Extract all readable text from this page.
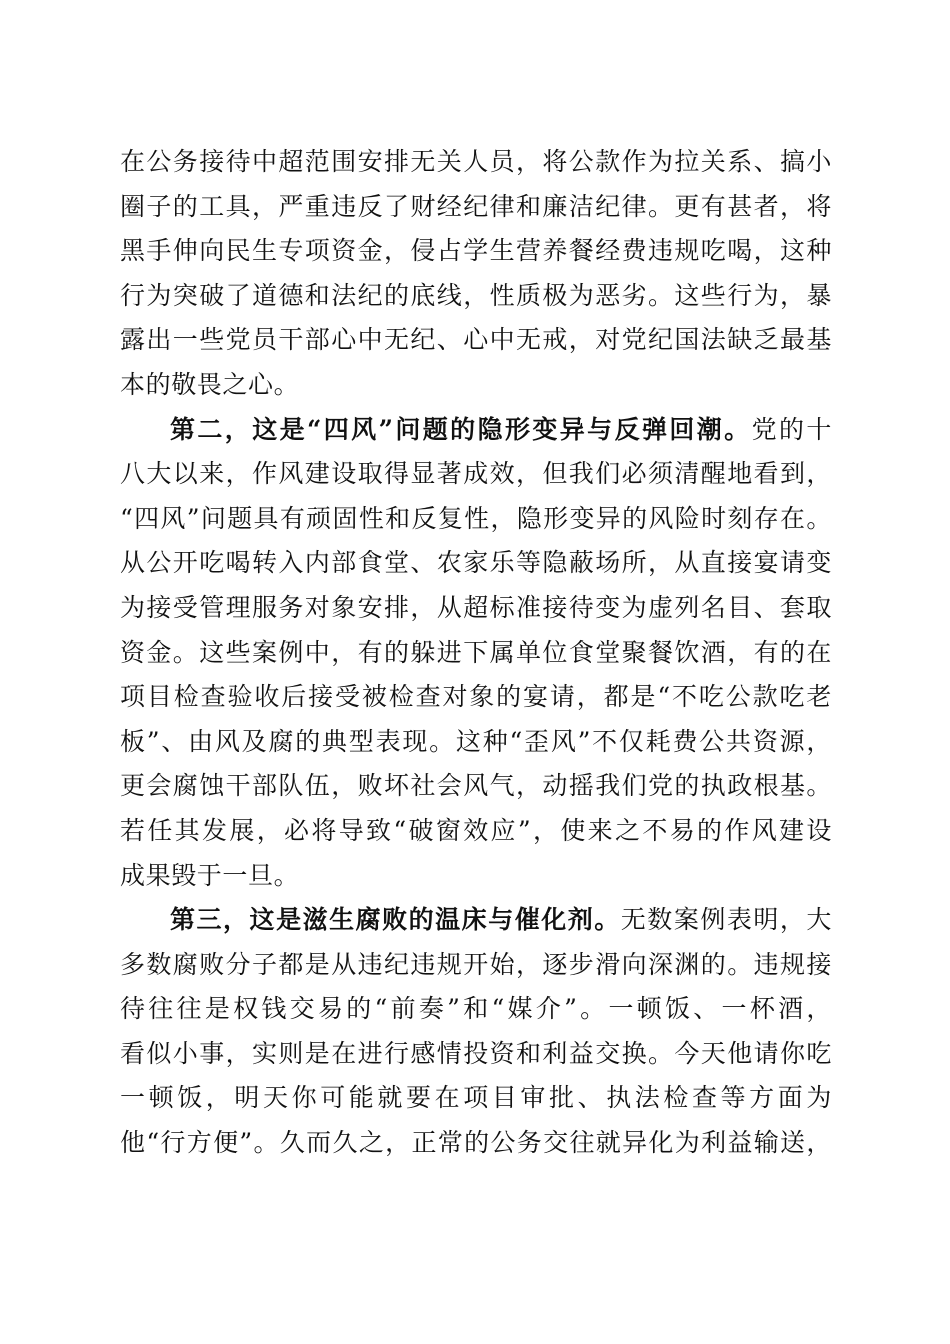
在公务接待中超范围安排无关人员，将公款作为拉关系、搞小
圈子的工具，严重违反了财经纪律和廉洁纪律。更有甚者，将
黑手伸向民生专项资金，侵占学生营养餐经费违规吃喝，这种
行为突破了道德和法纪的底线，性质极为恶劣。这些行为，暴
露出一些党员干部心中无纪、心中无戒，对党纪国法缺乏最基
本的敬畏之心。
第二，这是“四风”问题的隐形变异与反弹回潮。党的十
八大以来，作风建设取得显著成效，但我们必须清醒地看到，
“四风”问题具有顽固性和反复性，隐形变异的风险时刻存在。
从公开吃喝转入内部食堂、农家乐等隐蔽场所，从直接宴请变
为接受管理服务对象安排，从超标准接待变为虚列名目、套取
资金。这些案例中，有的躲进下属单位食堂聚餐饮酒，有的在
项目检查验收后接受被检查对象的宴请，都是“不吃公款吃老
板”、由风及腐的典型表现。这种“歪风”不仅耗费公共资源，
更会腐蚀干部队伍，败坏社会风气，动摇我们党的执政根基。
若任其发展，必将导致“破窗效应”，使来之不易的作风建设
成果毁于一旦。
第三，这是滋生腐败的温床与催化剂。无数案例表明，大
多数腐败分子都是从违纪违规开始，逐步滑向深渊的。违规接
待往往是权钱交易的“前奏”和“媒介”。一顿饭、一杯酒，
看似小事，实则是在进行感情投资和利益交换。今天他请你吃
一顿饭，明天你可能就要在项目审批、执法检查等方面为
他“行方便”。久而久之，正常的公务交往就异化为利益输送，
